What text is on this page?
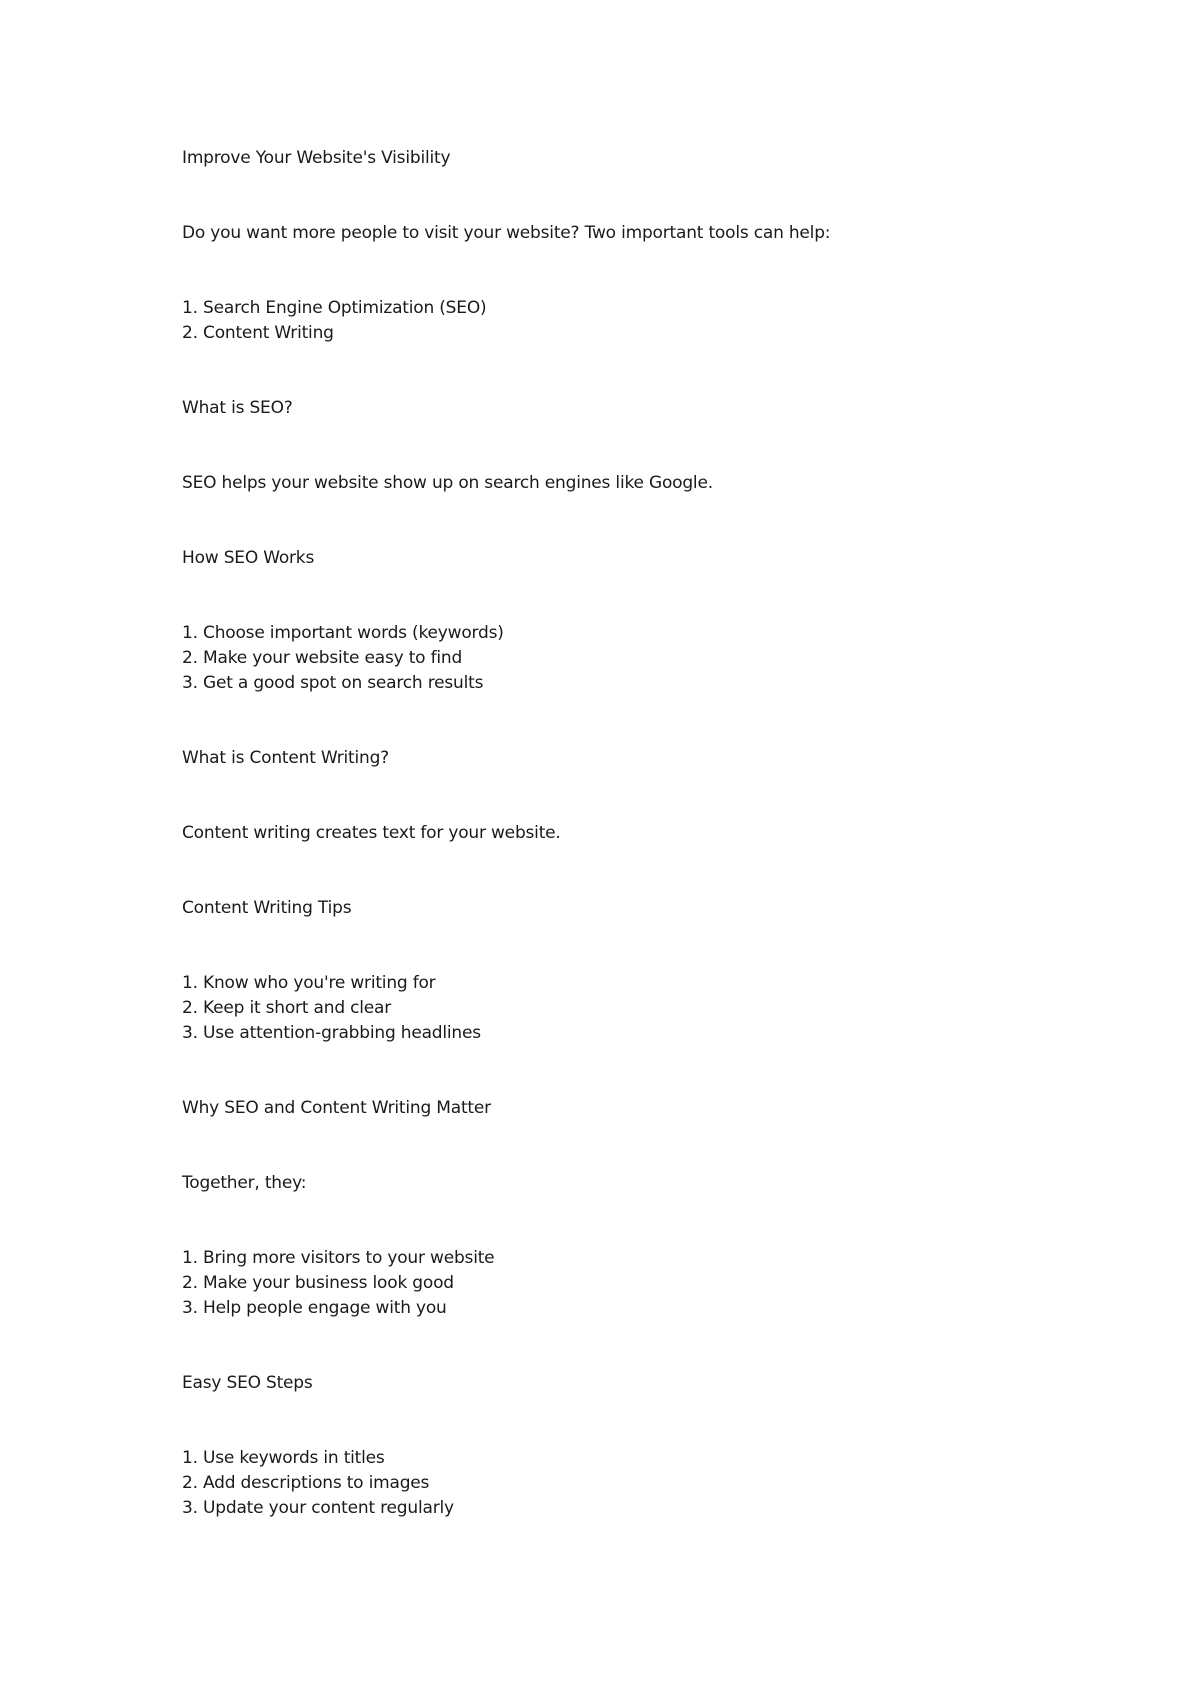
Improve Your Website's Visibility
Do you want more people to visit your website? Two important tools can help:
1. Search Engine Optimization (SEO)
2. Content Writing
What is SEO?
SEO helps your website show up on search engines like Google.
How SEO Works
1. Choose important words (keywords)
2. Make your website easy to find
3. Get a good spot on search results
What is Content Writing?
Content writing creates text for your website.
Content Writing Tips
1. Know who you're writing for
2. Keep it short and clear
3. Use attention-grabbing headlines
Why SEO and Content Writing Matter
Together, they:
1. Bring more visitors to your website
2. Make your business look good
3. Help people engage with you
Easy SEO Steps
1. Use keywords in titles
2. Add descriptions to images
3. Update your content regularly
